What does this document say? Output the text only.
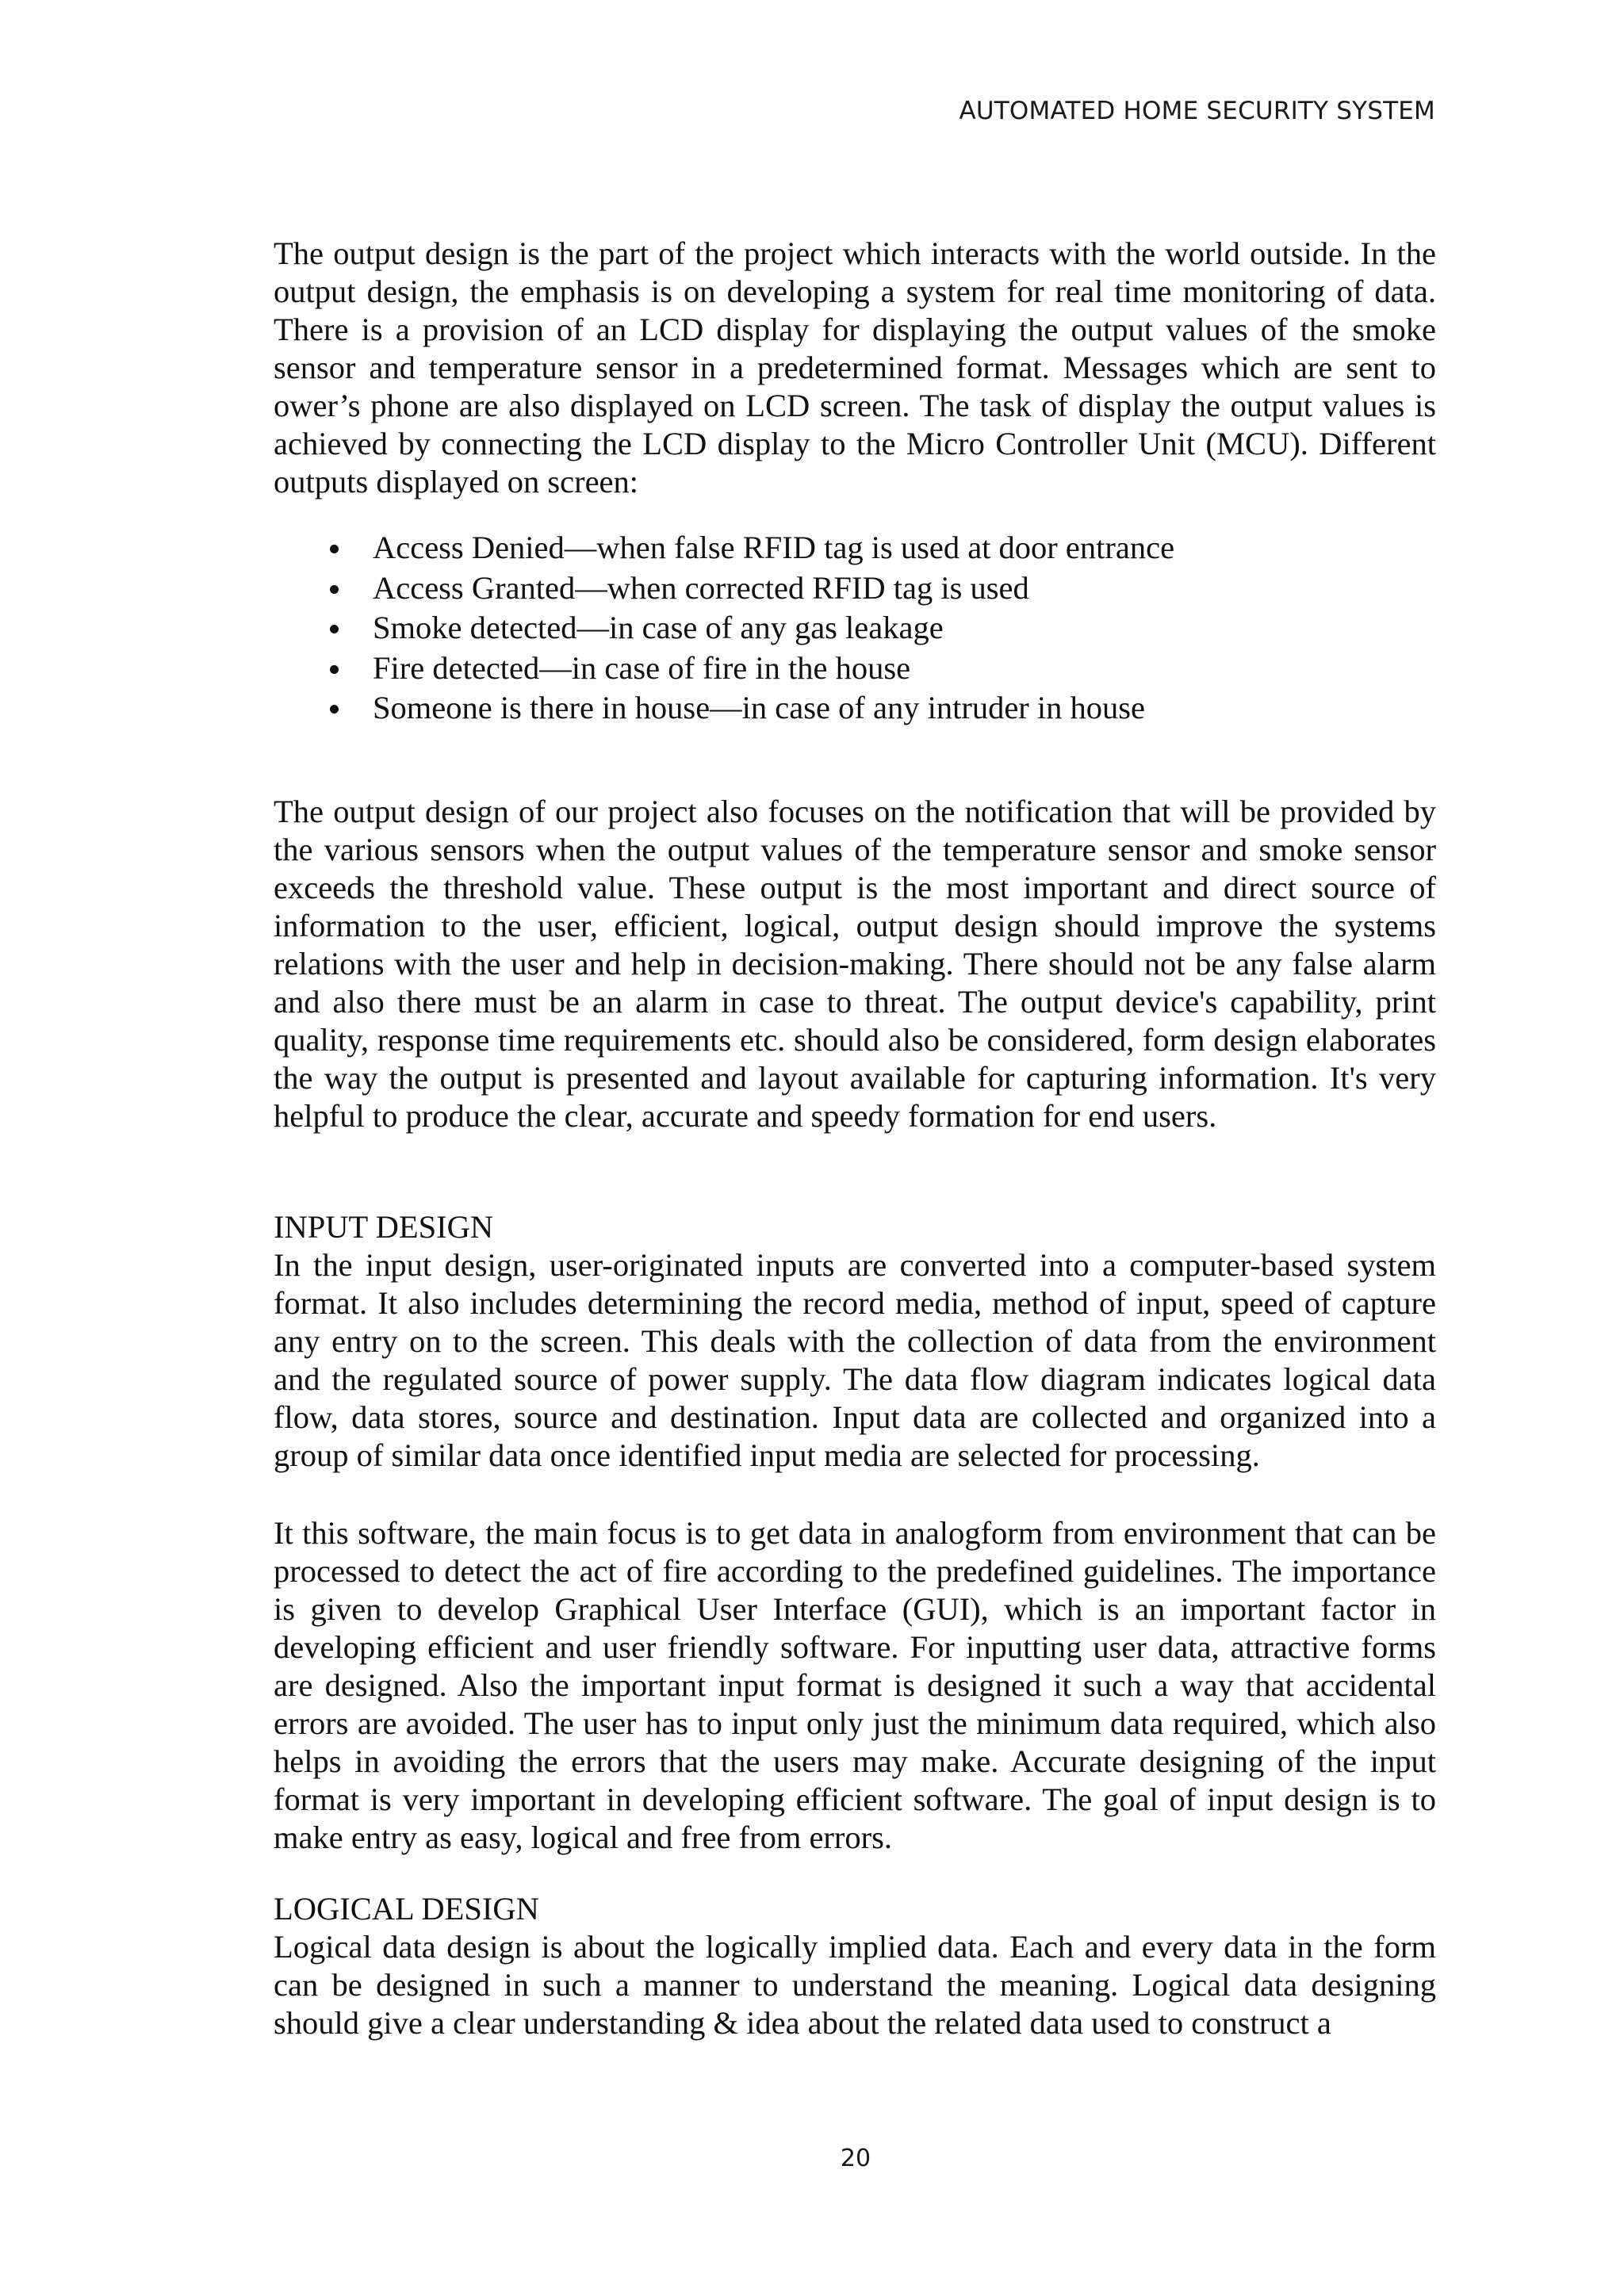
AUTOMATED HOME SECURITY SYSTEM

The output design is the part of the project which interacts with the world outside. In the output design, the emphasis is on developing a system for real time monitoring of data. There is a provision of an LCD display for displaying the output values of the smoke sensor and temperature sensor in a predetermined format. Messages which are sent to ower’s phone are also displayed on LCD screen. The task of display the output values is achieved by connecting the LCD display to the Micro Controller Unit (MCU). Different outputs displayed on screen:

Access Denied—when false RFID tag is used at door entrance
Access Granted—when corrected RFID tag is used
Smoke detected—in case of any gas leakage
Fire detected—in case of fire in the house
Someone is there in house—in case of any intruder in house

The output design of our project also focuses on the notification that will be provided by the various sensors when the output values of the temperature sensor and smoke sensor exceeds the threshold value. These output is the most important and direct source of information to the user, efficient, logical, output design should improve the systems relations with the user and help in decision-making. There should not be any false alarm and also there must be an alarm in case to threat. The output device's capability, print quality, response time requirements etc. should also be considered, form design elaborates the way the output is presented and layout available for capturing information. It's very helpful to produce the clear, accurate and speedy formation for end users.

INPUT DESIGN

In the input design, user-originated inputs are converted into a computer-based system format. It also includes determining the record media, method of input, speed of capture any entry on to the screen. This deals with the collection of data from the environment and the regulated source of power supply. The data flow diagram indicates logical data flow, data stores, source and destination. Input data are collected and organized into a group of similar data once identified input media are selected for processing.

It this software, the main focus is to get data in analogform from environment that can be processed to detect the act of fire according to the predefined guidelines. The importance is given to develop Graphical User Interface (GUI), which is an important factor in developing efficient and user friendly software. For inputting user data, attractive forms are designed. Also the important input format is designed it such a way that accidental errors are avoided. The user has to input only just the minimum data required, which also helps in avoiding the errors that the users may make. Accurate designing of the input format is very important in developing efficient software. The goal of input design is to make entry as easy, logical and free from errors.

LOGICAL DESIGN

Logical data design is about the logically implied data. Each and every data in the form can be designed in such a manner to understand the meaning. Logical data designing should give a clear understanding & idea about the related data used to construct a

20
